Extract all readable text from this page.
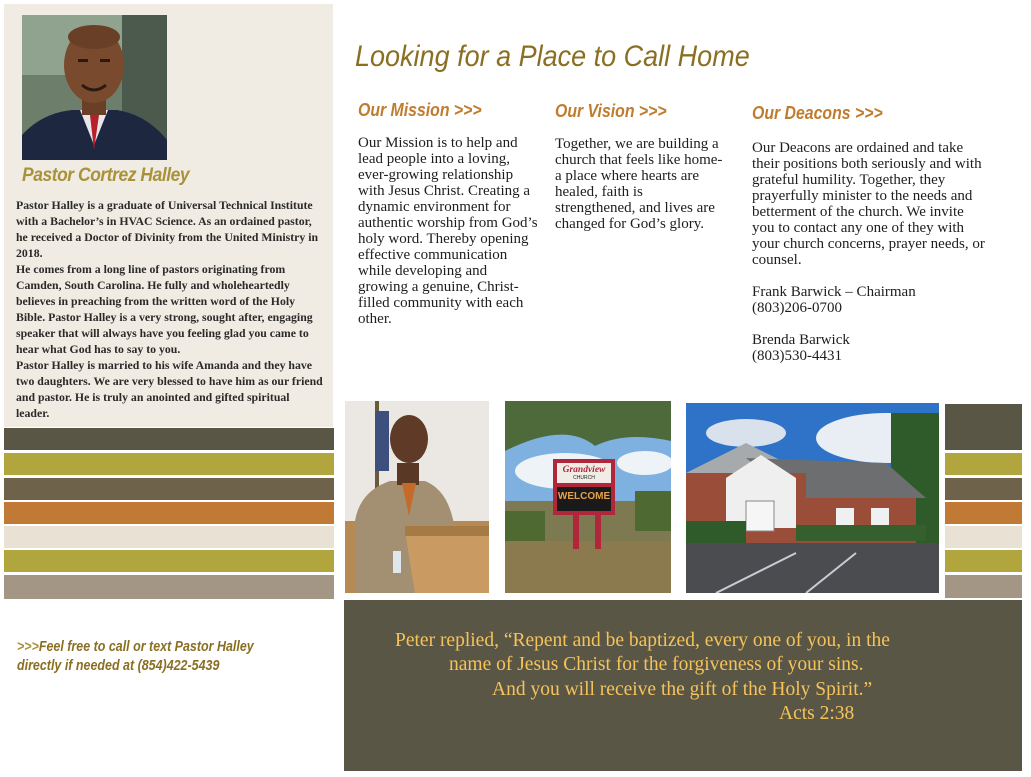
Pastor Cortrez Halley

Pastor Halley is a graduate of Universal Technical Institute with a Bachelor’s in HVAC Science. As an ordained pastor, he received a Doctor of Divinity from the United Ministry in 2018.

He comes from a long line of pastors originating from Camden, South Carolina. He fully and wholeheartedly believes in preaching from the written word of the Holy Bible. Pastor Halley is a very strong, sought after, engaging speaker that will always have you feeling glad you came to hear what God has to say to you.

Pastor Halley is married to his wife Amanda and they have two daughters. We are very blessed to have him as our friend and pastor. He is truly an anointed and gifted spiritual leader.

Looking for a Place to Call Home
Our Mission >>>
Our Mission is to help and lead people into a loving, ever-growing relationship with Jesus Christ. Creating a dynamic environment for authentic worship from God’s holy word. Thereby opening effective communication while developing and growing a genuine, Christ-filled community with each other.
Our Vision >>>
Together, we are building a church that feels like home-a place where hearts are healed, faith is strengthened, and lives are changed for God’s glory.
Our Deacons >>>

Our Deacons are ordained and take their positions both seriously and with grateful humility. Together, they prayerfully minister to the needs and betterment of the church. We invite you to contact any one of they with your church concerns, prayer needs, or counsel.

Frank Barwick – Chairman

(803)206-0700

Brenda Barwick

(803)530-4431

Grandview
CHURCH
WELCOME
>>>Feel free to call or text Pastor Halley
directly if needed at (854)422-5439
Peter replied, “Repent and be baptized, every one of you, in the
name of Jesus Christ for the forgiveness of your sins.
And you will receive the gift of the Holy Spirit.”
Acts 2:38
